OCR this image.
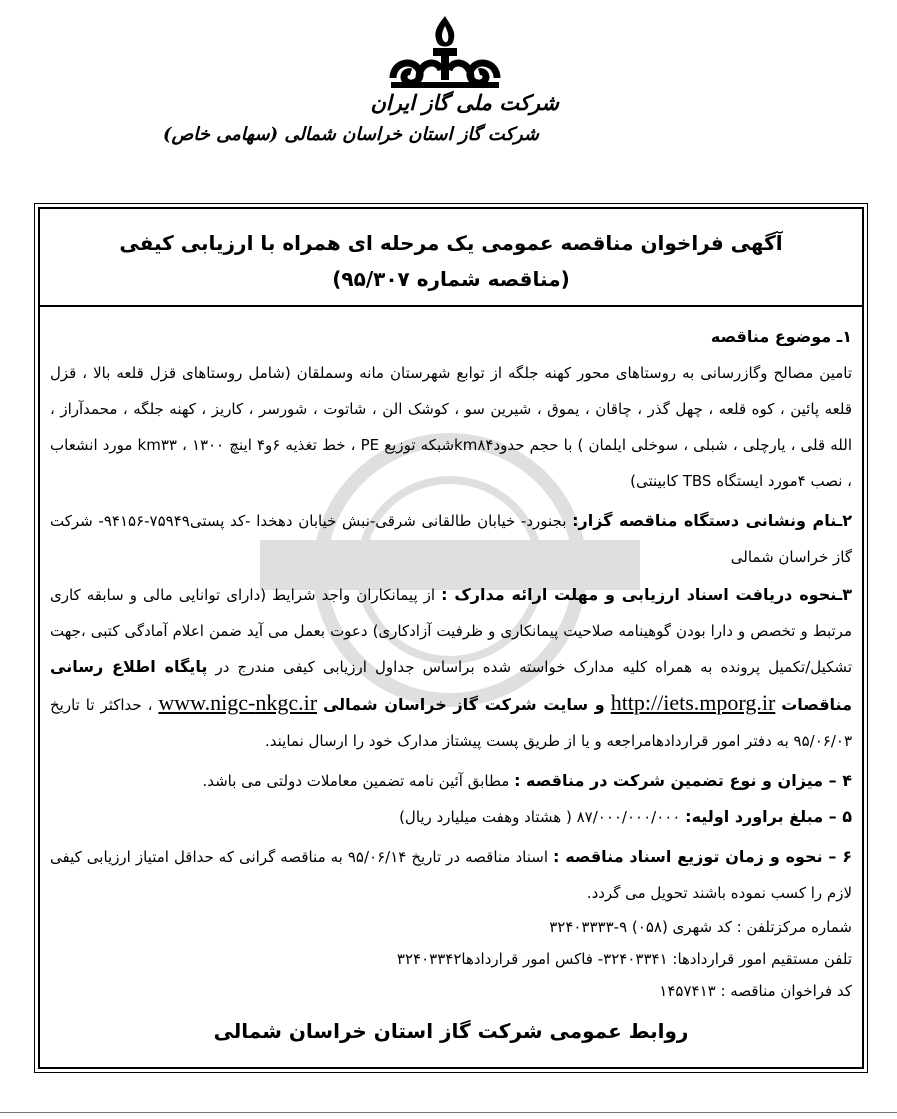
شرکت ملی گاز ایران
شرکت گاز استان خراسان شمالی (سهامی خاص)
آگهی فراخوان مناقصه عمومی یک مرحله ای همراه با ارزیابی کیفی
(مناقصه شماره ۹۵/۳۰۷)

۱ـ موضوع مناقصه

تامین مصالح وگازرسانی به روستاهای محور کهنه جلگه از توابع شهرستان مانه وسملقان (شامل روستاهای قزل قلعه بالا ، قزل قلعه پائین ، کوه قلعه ، چهل گذر ، چاقان ، یموق ، شیرین سو ، کوشک الن ، شاتوت ، شورسر ، کاریز ، کهنه جلگه ، محمدآراز ، الله قلی ، یارچلی ، شبلی ، سوخلی ایلمان ) با حجم حدودkm۸۴شبکه توزیع PE ، خط تغذیه ۶و۴ اینچ km۳۳ ، ۱۳۰۰ مورد انشعاب ، نصب ۴مورد ایستگاه TBS کابینتی)

۲ـنام ونشانی دستگاه مناقصه گزار: بجنورد- خیابان طالقانی شرقی-نبش خیابان دهخدا -کد پستی۷۵۹۴۹-۹۴۱۵۶- شرکت گاز خراسان شمالی

۳ـنحوه دریافت اسناد ارزیابی و مهلت ارائه مدارک : از پیمانکاران واجد شرایط (دارای توانایی مالی و سابقه کاری مرتبط و تخصص و دارا بودن گوهینامه صلاحیت پیمانکاری و ظرفیت آزادکاری) دعوت بعمل می آید ضمن اعلام آمادگی کتبی ،جهت تشکیل/تکمیل پرونده به همراه کلیه مدارک خواسته شده براساس جداول ارزیابی کیفی مندرج در پایگاه اطلاع رسانی مناقصات http://iets.mporg.ir و سایت شرکت گاز خراسان شمالی www.nigc-nkgc.ir ، حداکثر تا تاریخ ۹۵/۰۶/۰۳ به دفتر امور قراردادهامراجعه و یا از طریق پست پیشتاز مدارک خود را ارسال نمایند.

۴ – میزان و نوع تضمین شرکت در مناقصه : مطابق آئین نامه تضمین معاملات دولتی می باشد.

۵ – مبلغ براورد اولیه: ۸۷/۰۰۰/۰۰۰/۰۰۰ ( هشتاد وهفت میلیارد ریال)

۶ – نحوه و زمان توزیع اسناد مناقصه : اسناد مناقصه در تاریخ ۹۵/۰۶/۱۴ به مناقصه گرانی که حداقل امتیاز ارزیابی کیفی لازم را کسب نموده باشند تحویل می گردد.

شماره مرکزتلفن : کد شهری (۰۵۸) ۹-۳۲۴۰۳۳۳۳
تلفن مستقیم امور قراردادها: ۳۲۴۰۳۳۴۱- فاکس امور قراردادها۳۲۴۰۳۳۴۲
کد فراخوان مناقصه : ۱۴۵۷۴۱۳
روابط عمومی شرکت گاز استان خراسان شمالی
